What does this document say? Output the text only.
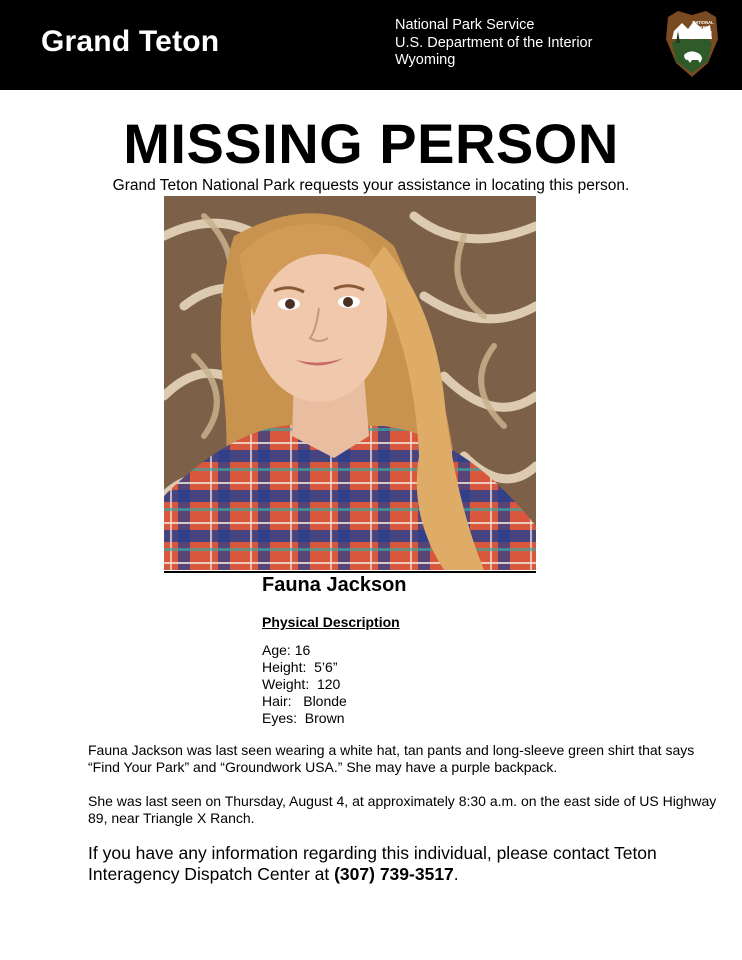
Grand Teton	National Park Service
U.S. Department of the Interior
Wyoming
NATIONAL
PARK
SERVICE
MISSING PERSON
Grand Teton National Park requests your assistance in locating this person.
Fauna Jackson
Physical Description
Age: 16
Height:  5’6”
Weight:  120
Hair:   Blonde
Eyes:  Brown
Fauna Jackson was last seen wearing a white hat, tan pants and long-sleeve green shirt that says “Find Your Park” and “Groundwork USA.” She may have a purple backpack.
She was last seen on Thursday, August 4, at approximately 8:30 a.m. on the east side of US Highway 89, near Triangle X Ranch.
If you have any information regarding this individual, please contact Teton Interagency Dispatch Center at (307) 739-3517.
